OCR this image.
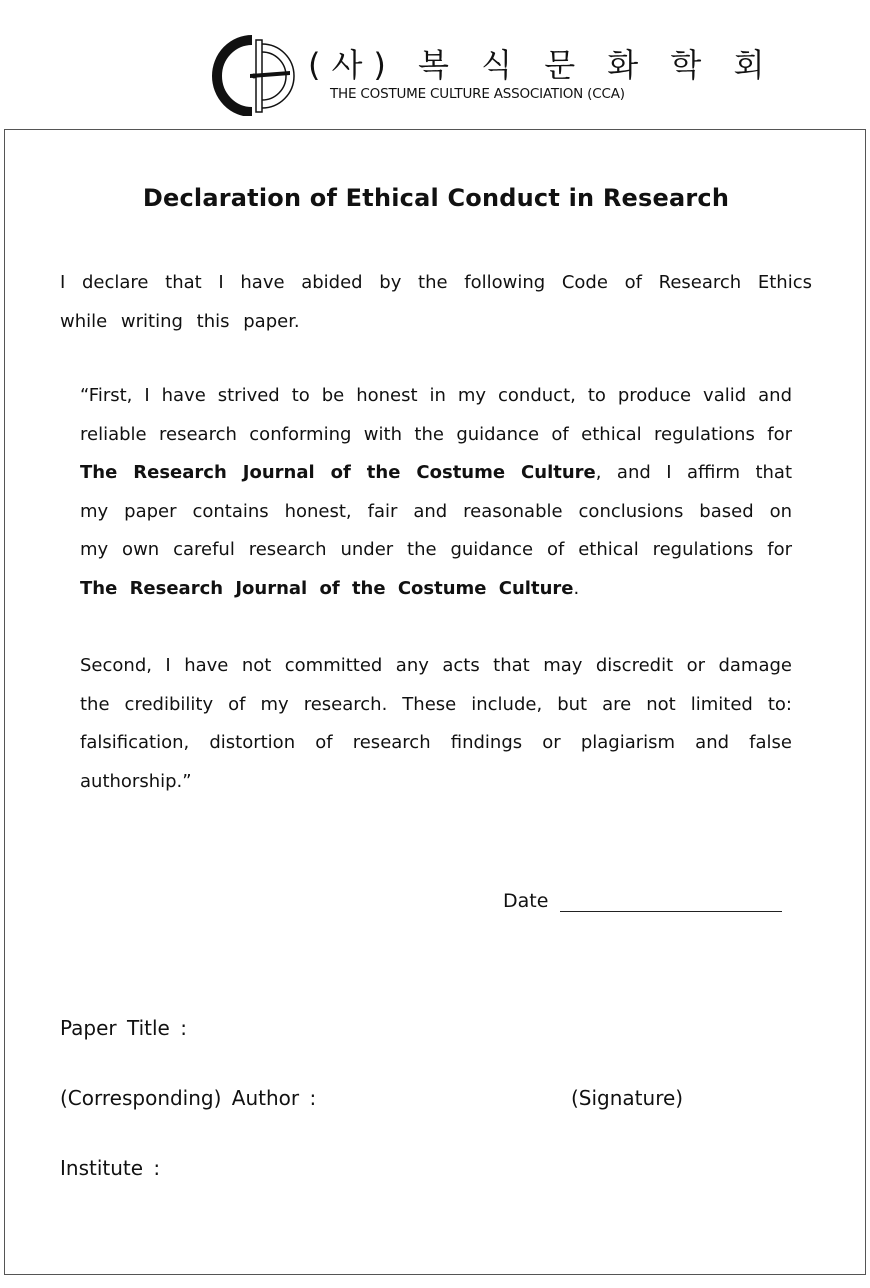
(사) 복 식 문 화 학 회
THE COSTUME CULTURE ASSOCIATION (CCA)
Declaration of Ethical Conduct in Research

I declare that I have abided by the following Code of Research Ethics while writing this paper.

“First, I have strived to be honest in my conduct, to produce valid and reliable research conforming with the guidance of ethical regulations for The Research Journal of the Costume Culture, and I affirm that my paper contains honest, fair and reasonable conclusions based on my own careful research under the guidance of ethical regulations for The Research Journal of the Costume Culture.

Second, I have not committed any acts that may discredit or damage the credibility of my research. These include, but are not limited to: falsification, distortion of research findings or plagiarism and false authorship.”

Date
Paper Title :
(Corresponding) Author :	(Signature)
Institute :
